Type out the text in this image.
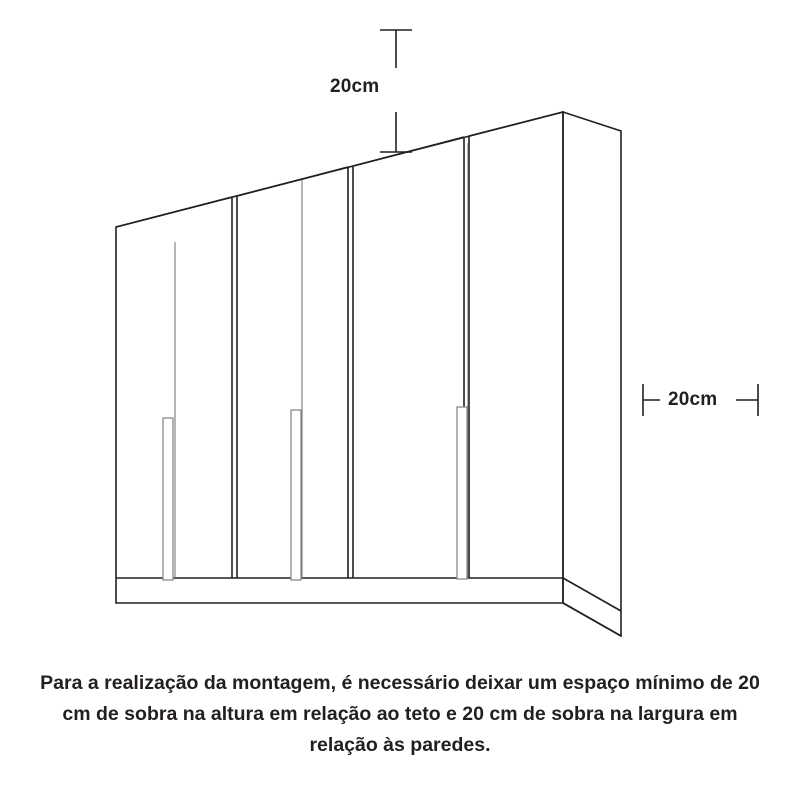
20cm
20cm
Para a realização da montagem, é necessário deixar um espaço mínimo de 20 cm de sobra na altura em relação ao teto e 20 cm de sobra na largura em relação às paredes.
